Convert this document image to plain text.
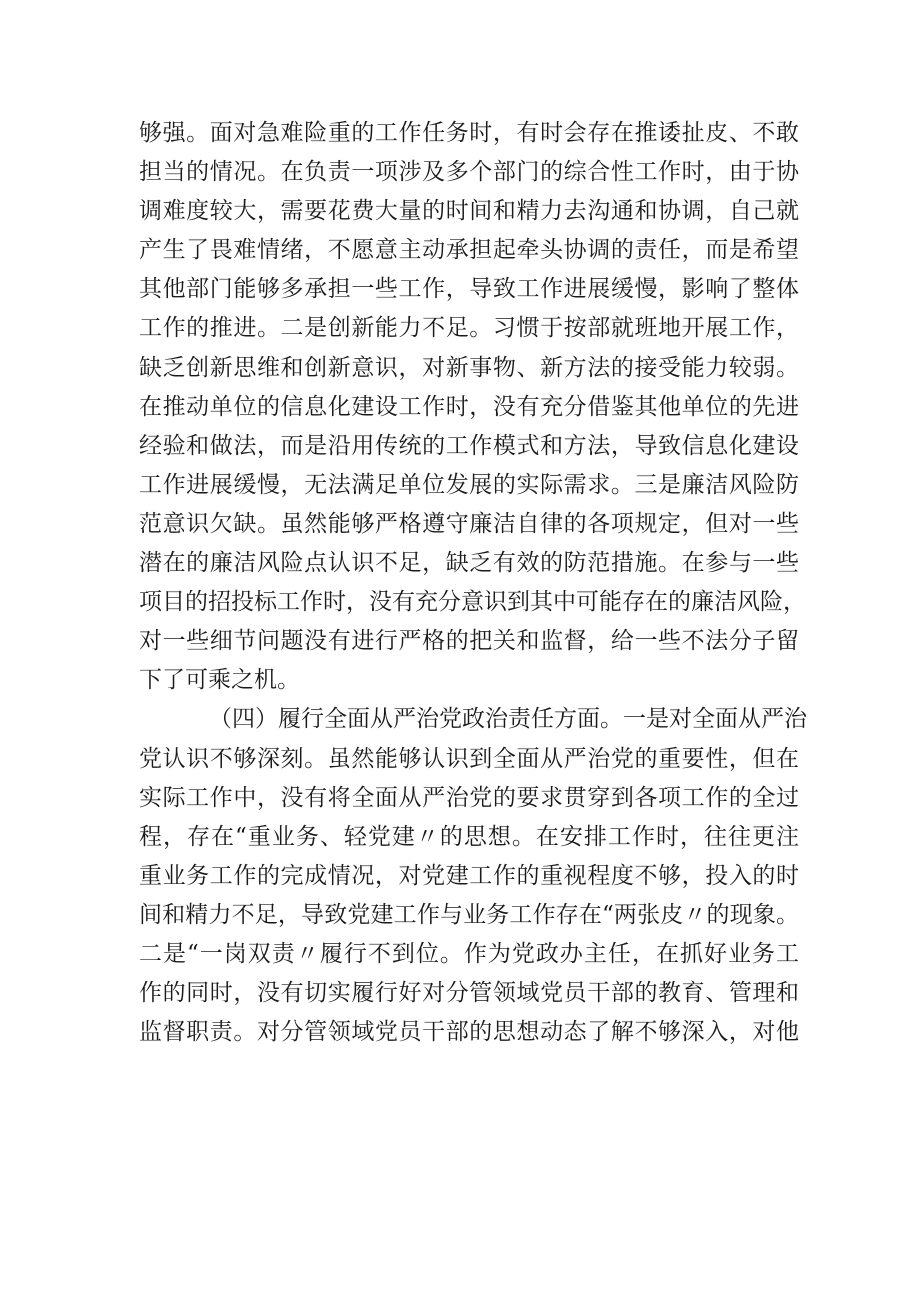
够强。面对急难险重的工作任务时，有时会存在推诿扯皮、不敢
担当的情况。在负责一项涉及多个部门的综合性工作时，由于协
调难度较大，需要花费大量的时间和精力去沟通和协调，自己就
产生了畏难情绪，不愿意主动承担起牵头协调的责任，而是希望
其他部门能够多承担一些工作，导致工作进展缓慢，影响了整体
工作的推进。二是创新能力不足。习惯于按部就班地开展工作，
缺乏创新思维和创新意识，对新事物、新方法的接受能力较弱。
在推动单位的信息化建设工作时，没有充分借鉴其他单位的先进
经验和做法，而是沿用传统的工作模式和方法，导致信息化建设
工作进展缓慢，无法满足单位发展的实际需求。三是廉洁风险防
范意识欠缺。虽然能够严格遵守廉洁自律的各项规定，但对一些
潜在的廉洁风险点认识不足，缺乏有效的防范措施。在参与一些
项目的招投标工作时，没有充分意识到其中可能存在的廉洁风险，
对一些细节问题没有进行严格的把关和监督，给一些不法分子留
下了可乘之机。
（四）履行全面从严治党政治责任方面。一是对全面从严治
党认识不够深刻。虽然能够认识到全面从严治党的重要性，但在
实际工作中，没有将全面从严治党的要求贯穿到各项工作的全过
程，存在“重业务、轻党建〃的思想。在安排工作时，往往更注
重业务工作的完成情况，对党建工作的重视程度不够，投入的时
间和精力不足，导致党建工作与业务工作存在“两张皮〃的现象。
二是“一岗双责〃履行不到位。作为党政办主任，在抓好业务工
作的同时，没有切实履行好对分管领域党员干部的教育、管理和
监督职责。对分管领域党员干部的思想动态了解不够深入，对他
